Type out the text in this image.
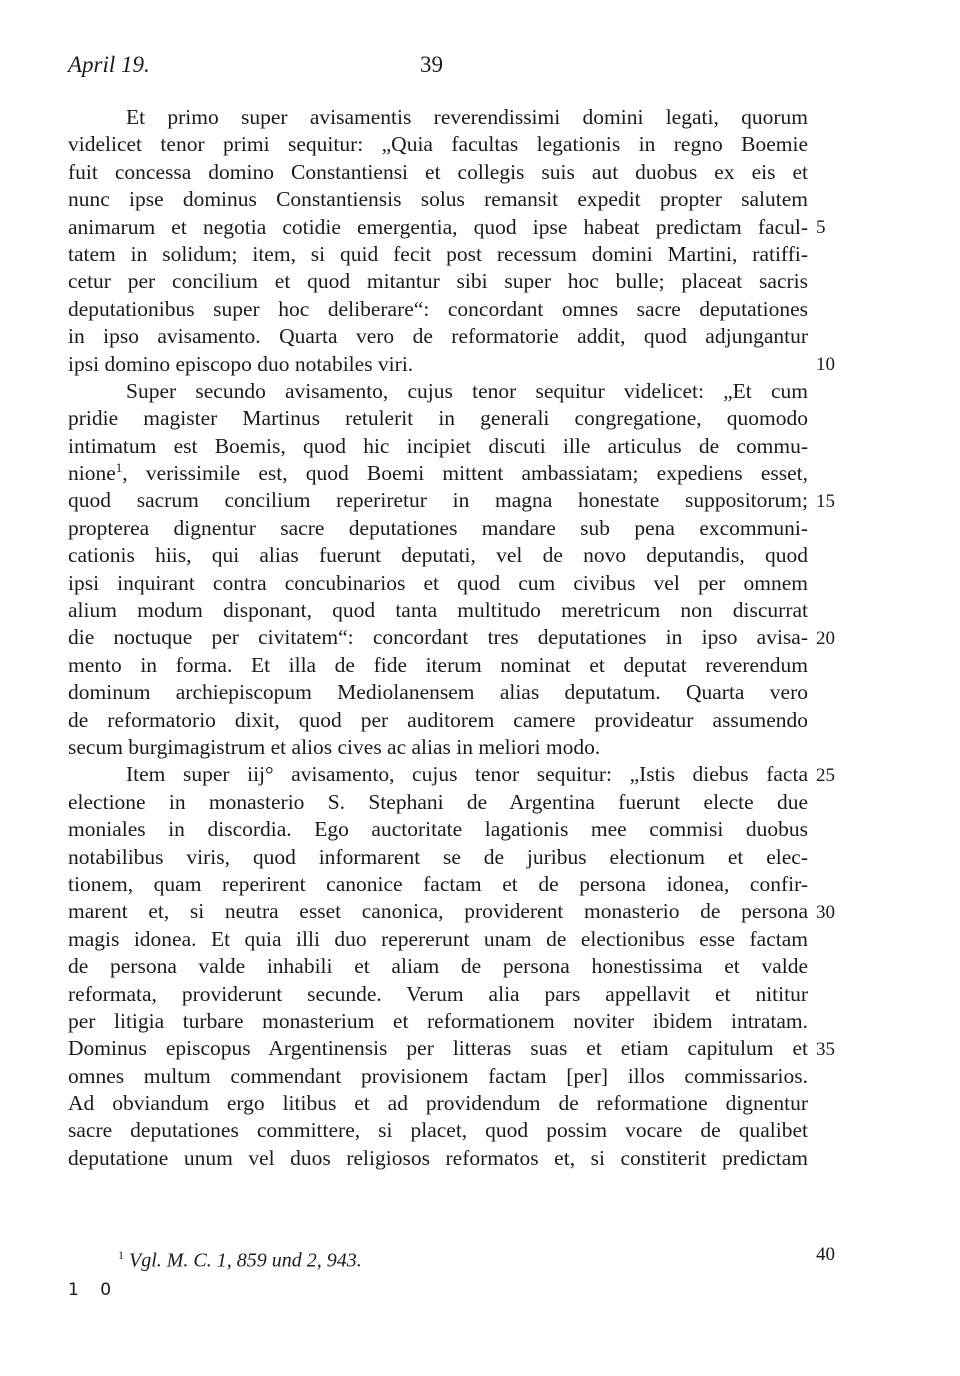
April 19.	39
Et primo super avisamentis reverendissimi domini legati, quorum
videlicet tenor primi sequitur: „Quia facultas legationis in regno Boemie
fuit concessa domino Constantiensi et collegis suis aut duobus ex eis et
nunc ipse dominus Constantiensis solus remansit expedit propter salutem
animarum et negotia cotidie emergentia, quod ipse habeat predictam facul-
tatem in solidum; item, si quid fecit post recessum domini Martini, ratiffi-
cetur per concilium et quod mitantur sibi super hoc bulle; placeat sacris
deputationibus super hoc deliberare“: concordant omnes sacre deputationes
in ipso avisamento. Quarta vero de reformatorie addit, quod adjungantur
ipsi domino episcopo duo notabiles viri.
Super secundo avisamento, cujus tenor sequitur videlicet: „Et cum
pridie magister Martinus retulerit in generali congregatione, quomodo
intimatum est Boemis, quod hic incipiet discuti ille articulus de commu-
nione$^1$, verissimile est, quod Boemi mittent ambassiatam; expediens esset,
quod sacrum concilium reperiretur in magna honestate suppositorum;
propterea dignentur sacre deputationes mandare sub pena excommuni-
cationis hiis, qui alias fuerunt deputati, vel de novo deputandis, quod
ipsi inquirant contra concubinarios et quod cum civibus vel per omnem
alium modum disponant, quod tanta multitudo meretricum non discurrat
die noctuque per civitatem“: concordant tres deputationes in ipso avisa-
mento in forma. Et illa de fide iterum nominat et deputat reverendum
dominum archiepiscopum Mediolanensem alias deputatum. Quarta vero
de reformatorio dixit, quod per auditorem camere provideatur assumendo
secum burgimagistrum et alios cives ac alias in meliori modo.
Item super iij° avisamento, cujus tenor sequitur: „Istis diebus facta
electione in monasterio S. Stephani de Argentina fuerunt electe due
moniales in discordia. Ego auctoritate lagationis mee commisi duobus
notabilibus viris, quod informarent se de juribus electionum et elec-
tionem, quam reperirent canonice factam et de persona idonea, confir-
marent et, si neutra esset canonica, providerent monasterio de persona
magis idonea. Et quia illi duo repererunt unam de electionibus esse factam
de persona valde inhabili et aliam de persona honestissima et valde
reformata, providerunt secunde. Verum alia pars appellavit et nititur
per litigia turbare monasterium et reformationem noviter ibidem intratam.
Dominus episcopus Argentinensis per litteras suas et etiam capitulum et
omnes multum commendant provisionem factam [per] illos commissarios.
Ad obviandum ergo litibus et ad providendum de reformatione dignentur
sacre deputationes committere, si placet, quod possim vocare de qualibet
deputatione unum vel duos religiosos reformatos et, si constiterit predictam
5
10
15
20
25
30
35
$^1$ Vgl. M. C. 1, 859 und 2, 943.	40
1 0
